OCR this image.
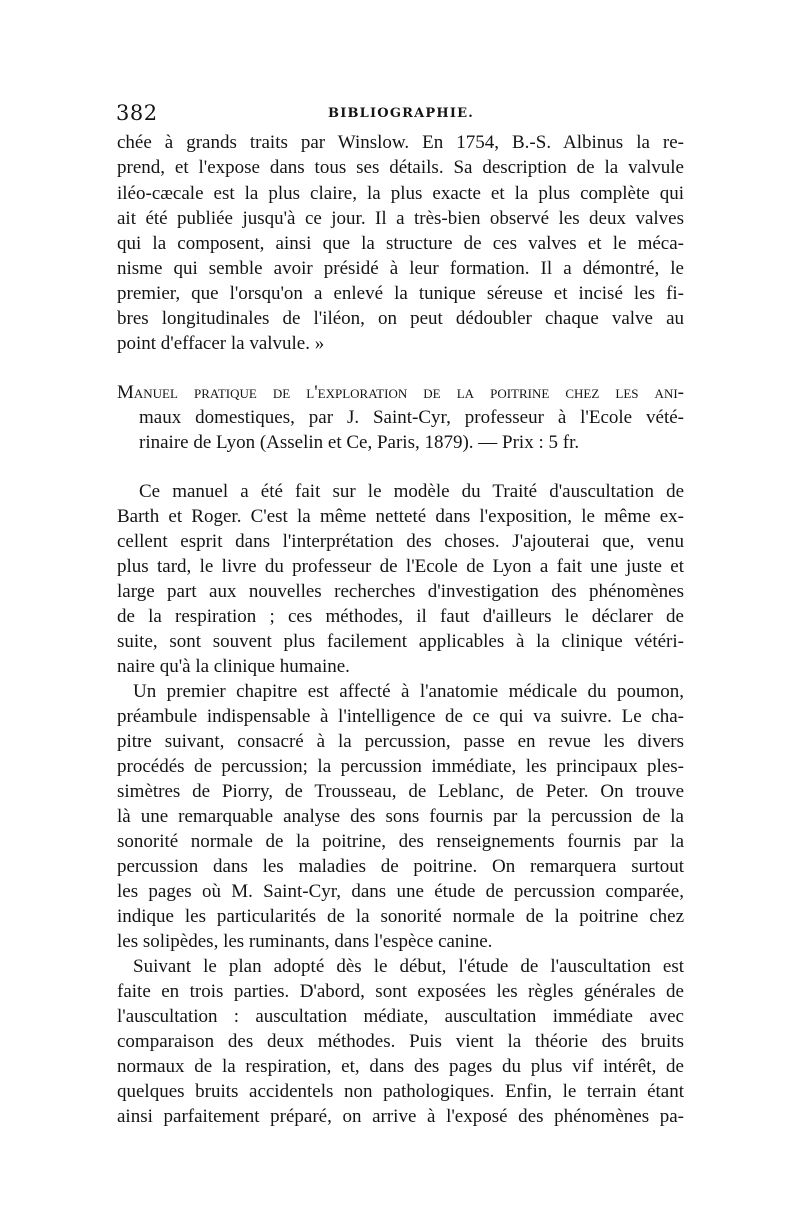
382	BIBLIOGRAPHIE.
chée à grands traits par Winslow. En 1754, B.-S. Albinus la re-
prend, et l'expose dans tous ses détails. Sa description de la valvule
iléo-cæcale est la plus claire, la plus exacte et la plus complète qui
ait été publiée jusqu'à ce jour. Il a très-bien observé les deux valves
qui la composent, ainsi que la structure de ces valves et le méca-
nisme qui semble avoir présidé à leur formation. Il a démontré, le
premier, que l'orsqu'on a enlevé la tunique séreuse et incisé les fi-
bres longitudinales de l'iléon, on peut dédoubler chaque valve au
point d'effacer la valvule. »
Manuel pratique de l'exploration de la poitrine chez les ani-
maux domestiques, par J. Saint-Cyr, professeur à l'Ecole vété-
rinaire de Lyon (Asselin et Ce, Paris, 1879). — Prix : 5 fr.
Ce manuel a été fait sur le modèle du Traité d'auscultation de
Barth et Roger. C'est la même netteté dans l'exposition, le même ex-
cellent esprit dans l'interprétation des choses. J'ajouterai que, venu
plus tard, le livre du professeur de l'Ecole de Lyon a fait une juste et
large part aux nouvelles recherches d'investigation des phénomènes
de la respiration ; ces méthodes, il faut d'ailleurs le déclarer de
suite, sont souvent plus facilement applicables à la clinique vétéri-
naire qu'à la clinique humaine.
Un premier chapitre est affecté à l'anatomie médicale du poumon,
préambule indispensable à l'intelligence de ce qui va suivre. Le cha-
pitre suivant, consacré à la percussion, passe en revue les divers
procédés de percussion; la percussion immédiate, les principaux ples-
simètres de Piorry, de Trousseau, de Leblanc, de Peter. On trouve
là une remarquable analyse des sons fournis par la percussion de la
sonorité normale de la poitrine, des renseignements fournis par la
percussion dans les maladies de poitrine. On remarquera surtout
les pages où M. Saint-Cyr, dans une étude de percussion comparée,
indique les particularités de la sonorité normale de la poitrine chez
les solipèdes, les ruminants, dans l'espèce canine.
Suivant le plan adopté dès le début, l'étude de l'auscultation est
faite en trois parties. D'abord, sont exposées les règles générales de
l'auscultation : auscultation médiate, auscultation immédiate avec
comparaison des deux méthodes. Puis vient la théorie des bruits
normaux de la respiration, et, dans des pages du plus vif intérêt, de
quelques bruits accidentels non pathologiques. Enfin, le terrain étant
ainsi parfaitement préparé, on arrive à l'exposé des phénomènes pa-
